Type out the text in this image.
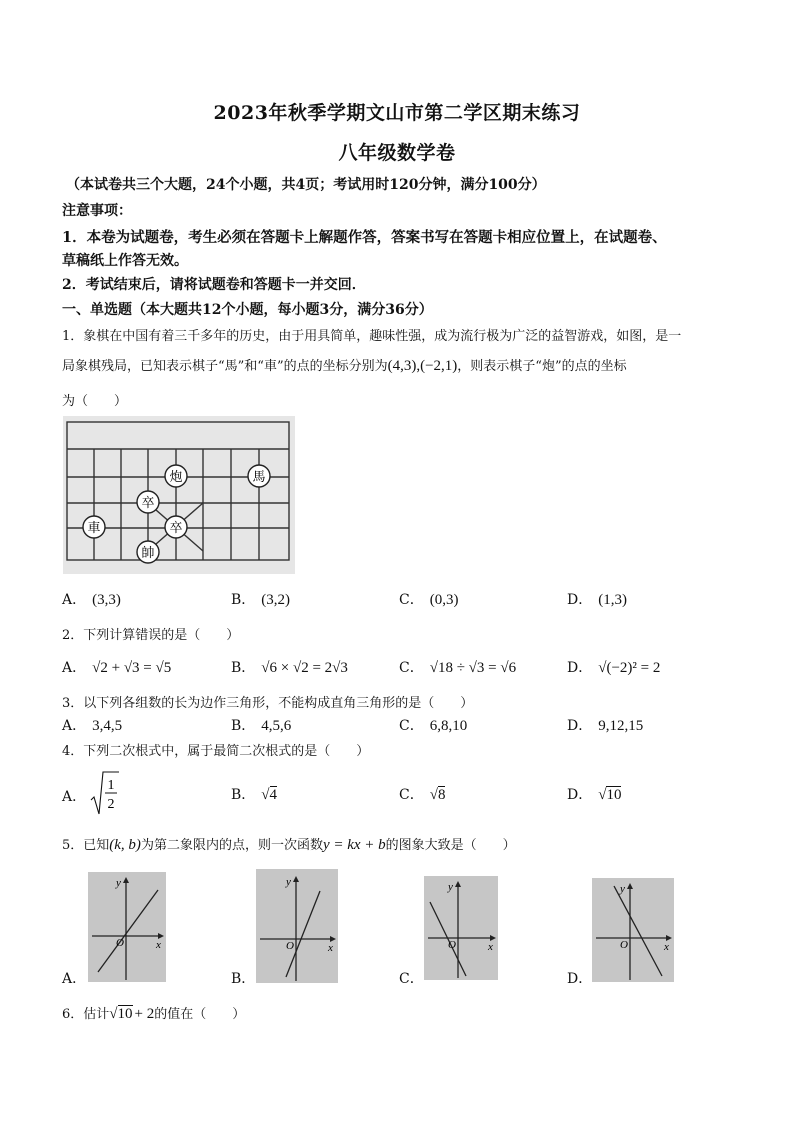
2023年秋季学期文山市第二学区期末练习
八年级数学卷
（本试卷共三个大题，24个小题，共4页；考试用时120分钟，满分100分）
注意事项：
1．本卷为试题卷，考生必须在答题卡上解题作答，答案书写在答题卡相应位置上，在试题卷、
草稿纸上作答无效。
2．考试结束后，请将试题卷和答题卡一并交回．
一、单选题（本大题共12个小题，每小题3分，满分36分）
1．象棋在中国有着三千多年的历史，由于用具简单，趣味性强，成为流行极为广泛的益智游戏，如图，是一
局象棋残局，已知表示棋子“馬”和“車”的点的坐标分别为(4,3),(−2,1)，则表示棋子“炮”的点的坐标
为（　　）
炮	馬
卒
車	卒
帥
A． (3,3)	B． (3,2)	C． (0,3)	D． (1,3)
2．下列计算错误的是（　　）
A． √2 + √3 = √5	B． √6 × √2 = 2√3	C． √18 ÷ √3 = √6	D． √(−2)² = 2
3．以下列各组数的长为边作三角形，不能构成直角三角形的是（　　）
A． 3,4,5	B． 4,5,6	C． 6,8,10	D． 9,12,15
4．下列二次根式中，属于最简二次根式的是（　　）
A．
1
2
B． √4	C． √8	D． √10
5．已知(k, b)为第二象限内的点，则一次函数y = kx + b的图象大致是（　　）
y
x
O
A．
y
x
O
B．
y
x
O
C．
y
x
O
D．
6．估计√10 + 2的值在（　　）
